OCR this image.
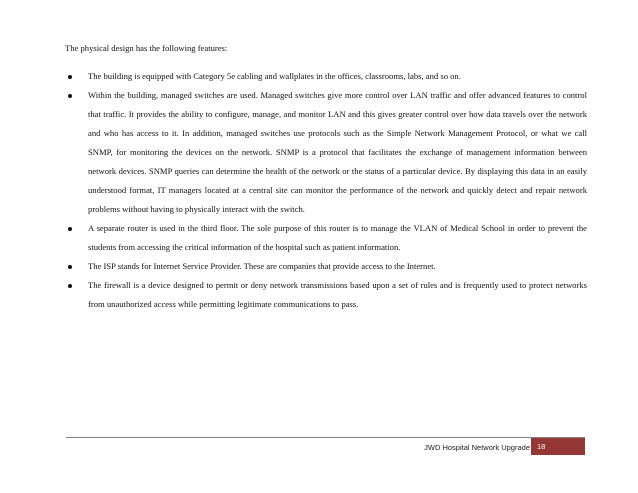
The physical design has the following features:

The building is equipped with Category 5e cabling and wallplates in the offices, classrooms, labs, and so on.
Within the building, managed switches are used. Managed switches give more control over LAN traffic and offer advanced features to control that traffic. It provides the ability to configure, manage, and monitor LAN and this gives greater control over how data travels over the network and who has access to it. In addition, managed switches use protocols such as the Simple Network Management Protocol, or what we call SNMP, for monitoring the devices on the network. SNMP is a protocol that facilitates the exchange of management information between network devices. SNMP queries can determine the health of the network or the status of a particular device. By displaying this data in an easily understood format, IT managers located at a central site can monitor the performance of the network and quickly detect and repair network problems without having to physically interact with the switch.
A separate router is used in the third floor. The sole purpose of this router is to manage the VLAN of Medical School in order to prevent the students from accessing the critical information of the hospital such as patient information.
The ISP stands for Internet Service Provider. These are companies that provide access to the Internet.
The firewall is a device designed to permit or deny network transmissions based upon a set of rules and is frequently used to protect networks from unauthorized access while permitting legitimate communications to pass.
JWD Hospital Network Upgrade 18
